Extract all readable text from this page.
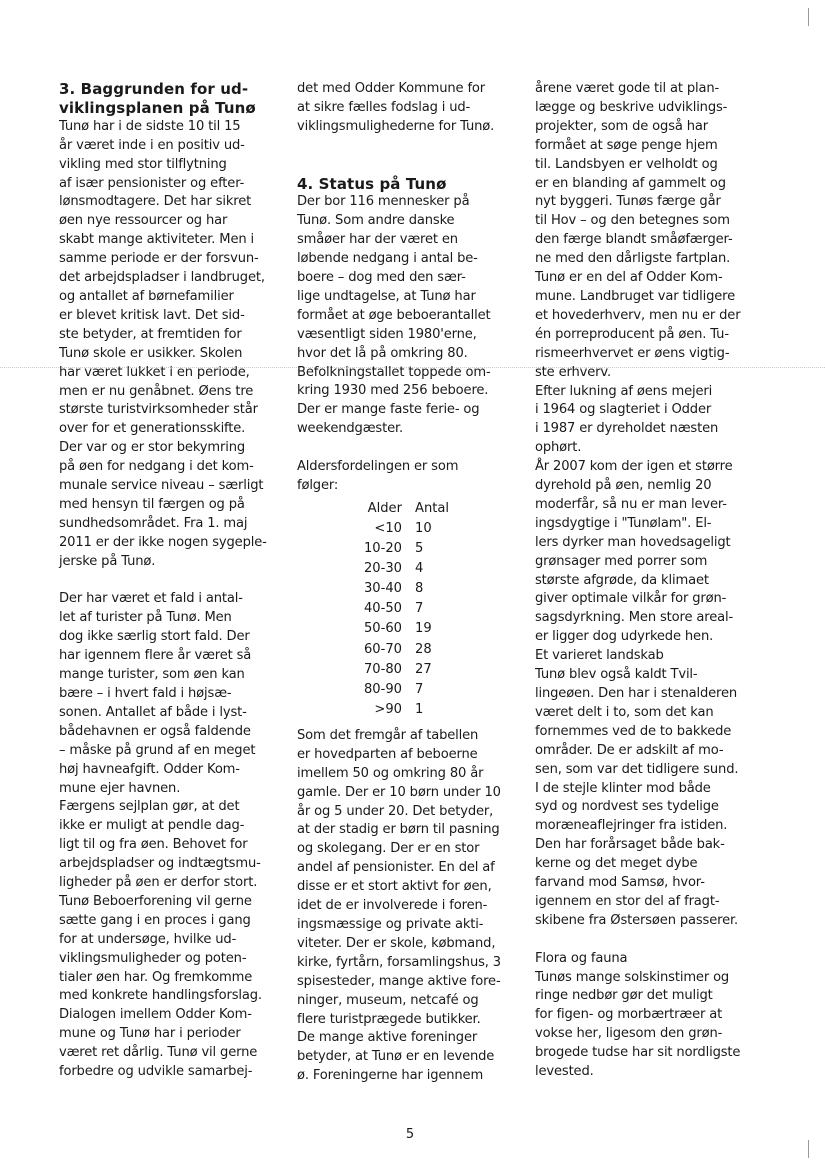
3. Baggrunden for ud-
viklingsplanen på Tunø
Tunø har i de sidste 10 til 15
år været inde i en positiv ud-
vikling med stor tilflytning
af især pensionister og efter-
lønsmodtagere. Det har sikret
øen nye ressourcer og har
skabt mange aktiviteter. Men i
samme periode er der forsvun-
det arbejdspladser i landbruget,
og antallet af børnefamilier
er blevet kritisk lavt. Det sid-
ste betyder, at fremtiden for
Tunø skole er usikker. Skolen
har været lukket i en periode,
men er nu genåbnet. Øens tre
største turistvirksomheder står
over for et generationsskifte.
Der var og er stor bekymring
på øen for nedgang i det kom-
munale service niveau – særligt
med hensyn til færgen og på
sundhedsområdet. Fra 1. maj
2011 er der ikke nogen sygeple-
jerske på Tunø.
Der har været et fald i antal-
let af turister på Tunø. Men
dog ikke særlig stort fald. Der
har igennem flere år været så
mange turister, som øen kan
bære – i hvert fald i højsæ-
sonen. Antallet af både i lyst-
bådehavnen er også faldende
– måske på grund af en meget
høj havneafgift. Odder Kom-
mune ejer havnen.
Færgens sejlplan gør, at det
ikke er muligt at pendle dag-
ligt til og fra øen. Behovet for
arbejdspladser og indtægtsmu-
ligheder på øen er derfor stort.
Tunø Beboerforening vil gerne
sætte gang i en proces i gang
for at undersøge, hvilke ud-
viklingsmuligheder og poten-
tialer øen har. Og fremkomme
med konkrete handlingsforslag.
Dialogen imellem Odder Kom-
mune og Tunø har i perioder
været ret dårlig. Tunø vil gerne
forbedre og udvikle samarbej-
det med Odder Kommune for
at sikre fælles fodslag i ud-
viklingsmulighederne for Tunø.
4. Status på Tunø
Der bor 116 mennesker på
Tunø. Som andre danske
småøer har der været en
løbende nedgang i antal be-
boere – dog med den sær-
lige undtagelse, at Tunø har
formået at øge beboerantallet
væsentligt siden 1980'erne,
hvor det lå på omkring 80.
Befolkningstallet toppede om-
kring 1930 med 256 beboere.
Der er mange faste ferie- og
weekendgæster.
Aldersfordelingen er som
følger:
Alder Antal
<10 10
10-20 5
20-30 4
30-40 8
40-50 7
50-60 19
60-70 28
70-80 27
80-90 7
>90 1
Som det fremgår af tabellen
er hovedparten af beboerne
imellem 50 og omkring 80 år
gamle. Der er 10 børn under 10
år og 5 under 20. Det betyder,
at der stadig er børn til pasning
og skolegang. Der er en stor
andel af pensionister. En del af
disse er et stort aktivt for øen,
idet de er involverede i foren-
ingsmæssige og private akti-
viteter. Der er skole, købmand,
kirke, fyrtårn, forsamlingshus, 3
spisesteder, mange aktive fore-
ninger, museum, netcafé og
flere turistprægede butikker.
De mange aktive foreninger
betyder, at Tunø er en levende
ø. Foreningerne har igennem
årene været gode til at plan-
lægge og beskrive udviklings-
projekter, som de også har
formået at søge penge hjem
til. Landsbyen er velholdt og
er en blanding af gammelt og
nyt byggeri. Tunøs færge går
til Hov – og den betegnes som
den færge blandt småøfærger-
ne med den dårligste fartplan.
Tunø er en del af Odder Kom-
mune. Landbruget var tidligere
et hovederhverv, men nu er der
én porreproducent på øen. Tu-
rismeerhvervet er øens vigtig-
ste erhverv.
Efter lukning af øens mejeri
i 1964 og slagteriet i Odder
i 1987 er dyreholdet næsten
ophørt.
År 2007 kom der igen et større
dyrehold på øen, nemlig 20
moderfår, så nu er man lever-
ingsdygtige i "Tunølam". El-
lers dyrker man hovedsageligt
grønsager med porrer som
største afgrøde, da klimaet
giver optimale vilkår for grøn-
sagsdyrkning. Men store areal-
er ligger dog udyrkede hen.
Et varieret landskab
Tunø blev også kaldt Tvil-
lingeøen. Den har i stenalderen
været delt i to, som det kan
fornemmes ved de to bakkede
områder. De er adskilt af mo-
sen, som var det tidligere sund.
I de stejle klinter mod både
syd og nordvest ses tydelige
moræneaflejringer fra istiden.
Den har forårsaget både bak-
kerne og det meget dybe
farvand mod Samsø, hvor-
igennem en stor del af fragt-
skibene fra Østersøen passerer.
Flora og fauna
Tunøs mange solskinstimer og
ringe nedbør gør det muligt
for figen- og morbærtræer at
vokse her, ligesom den grøn-
brogede tudse har sit nordligste
levested.
5
